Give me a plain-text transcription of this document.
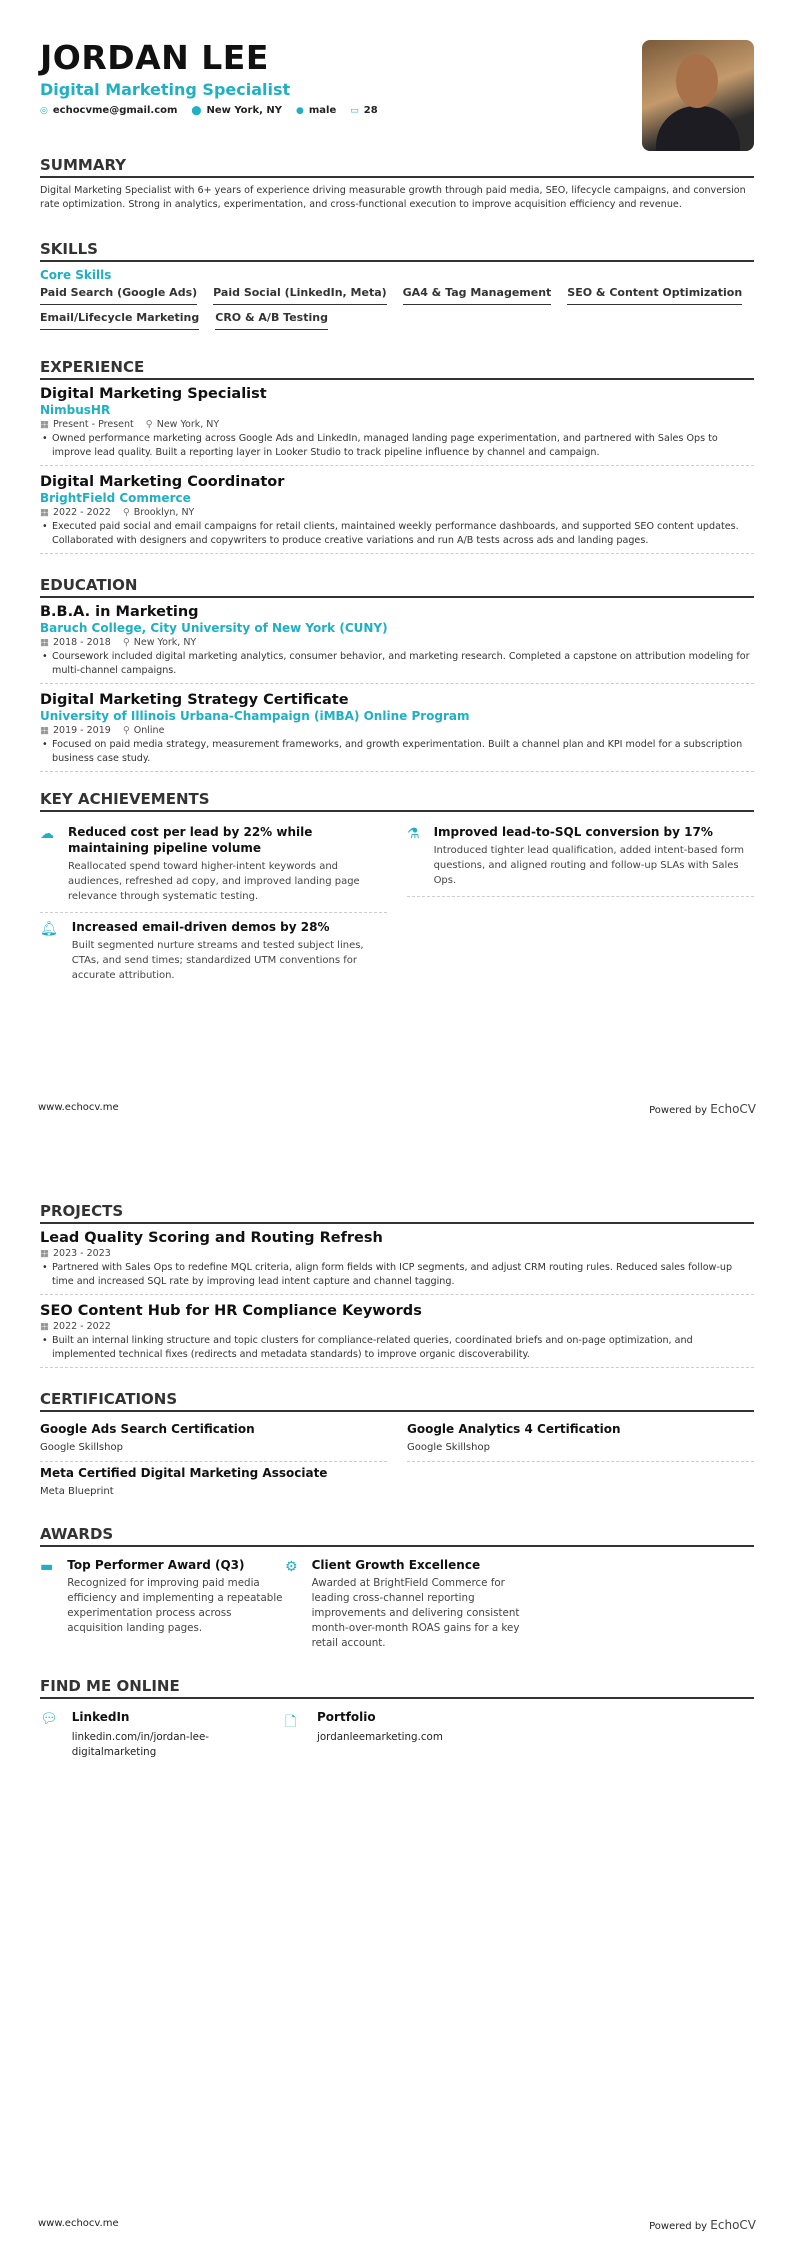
JORDAN LEE
Digital Marketing Specialist
◎ echocvme@gmail.com ⬤ New York, NY ● male ▭ 28
SUMMARY
Digital Marketing Specialist with 6+ years of experience driving measurable growth through paid media, SEO, lifecycle campaigns, and conversion rate optimization. Strong in analytics, experimentation, and cross-functional execution to improve acquisition efficiency and revenue.
SKILLS
Core Skills
Paid Search (Google Ads) Paid Social (LinkedIn, Meta) GA4 & Tag Management SEO & Content Optimization
Email/Lifecycle Marketing CRO & A/B Testing
EXPERIENCE
Digital Marketing Specialist
NimbusHR
▦ Present - Present ⚲ New York, NY
• Owned performance marketing across Google Ads and LinkedIn, managed landing page experimentation, and partnered with Sales Ops to improve lead quality. Built a reporting layer in Looker Studio to track pipeline influence by channel and campaign.
Digital Marketing Coordinator
BrightField Commerce
▦ 2022 - 2022 ⚲ Brooklyn, NY
• Executed paid social and email campaigns for retail clients, maintained weekly performance dashboards, and supported SEO content updates. Collaborated with designers and copywriters to produce creative variations and run A/B tests across ads and landing pages.
EDUCATION
B.B.A. in Marketing
Baruch College, City University of New York (CUNY)
▦ 2018 - 2018 ⚲ New York, NY
• Coursework included digital marketing analytics, consumer behavior, and marketing research. Completed a capstone on attribution modeling for multi-channel campaigns.
Digital Marketing Strategy Certificate
University of Illinois Urbana-Champaign (iMBA) Online Program
▦ 2019 - 2019 ⚲ Online
• Focused on paid media strategy, measurement frameworks, and growth experimentation. Built a channel plan and KPI model for a subscription business case study.
KEY ACHIEVEMENTS
☁ Reduced cost per lead by 22% while maintaining pipeline volume
Reallocated spend toward higher-intent keywords and audiences, refreshed ad copy, and improved landing page relevance through systematic testing.
🔔︎ Increased email-driven demos by 28%
Built segmented nurture streams and tested subject lines, CTAs, and send times; standardized UTM conventions for accurate attribution.
⚗ Improved lead-to-SQL conversion by 17%
Introduced tighter lead qualification, added intent-based form questions, and aligned routing and follow-up SLAs with Sales Ops.
www.echocv.me	Powered by EchoCV
PROJECTS
Lead Quality Scoring and Routing Refresh
▦ 2023 - 2023
• Partnered with Sales Ops to redefine MQL criteria, align form fields with ICP segments, and adjust CRM routing rules. Reduced sales follow-up time and increased SQL rate by improving lead intent capture and channel tagging.
SEO Content Hub for HR Compliance Keywords
▦ 2022 - 2022
• Built an internal linking structure and topic clusters for compliance-related queries, coordinated briefs and on-page optimization, and implemented technical fixes (redirects and metadata standards) to improve organic discoverability.
CERTIFICATIONS
Google Ads Search Certification
Google Skillshop
Google Analytics 4 Certification
Google Skillshop
Meta Certified Digital Marketing Associate
Meta Blueprint
AWARDS
▬ Top Performer Award (Q3)
Recognized for improving paid media efficiency and implementing a repeatable experimentation process across acquisition landing pages.
⚙ Client Growth Excellence
Awarded at BrightField Commerce for leading cross-channel reporting improvements and delivering consistent month-over-month ROAS gains for a key retail account.
FIND ME ONLINE
💬︎ LinkedIn
linkedin.com/in/jordan-lee-digitalmarketing
🗋	Portfolio
jordanleemarketing.com
www.echocv.me	Powered by EchoCV
